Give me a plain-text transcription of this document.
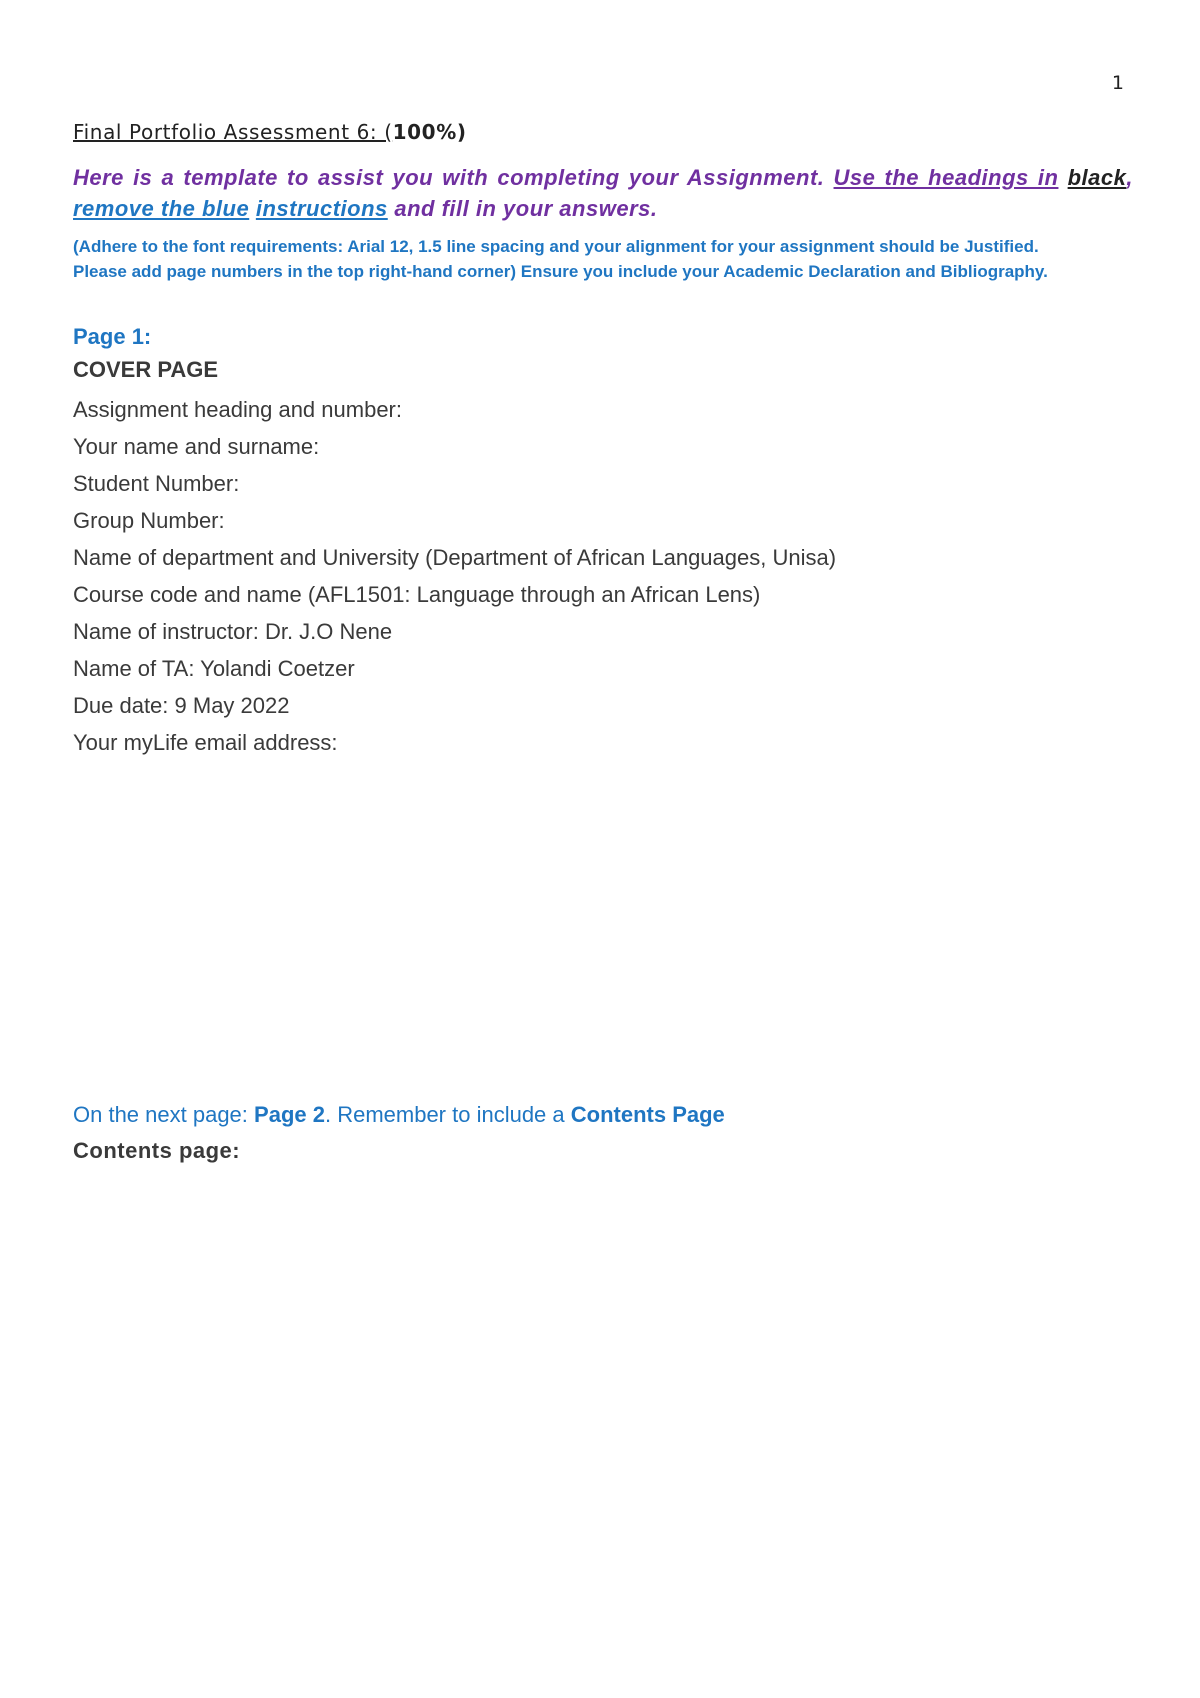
1

Final Portfolio Assessment 6: (100%)

Here is a template to assist you with completing your Assignment. Use the headings in black, remove the blue instructions and fill in your answers.

(Adhere to the font requirements: Arial 12, 1.5 line spacing and your alignment for your assignment should be Justified.
Please add page numbers in the top right-hand corner) Ensure you include your Academic Declaration and Bibliography.

Page 1:
COVER PAGE
Assignment heading and number:
Your name and surname:
Student Number:
Group Number:
Name of department and University (Department of African Languages, Unisa)
Course code and name (AFL1501: Language through an African Lens)
Name of instructor: Dr. J.O Nene
Name of TA: Yolandi Coetzer
Due date: 9 May 2022
Your myLife email address:
On the next page: Page 2. Remember to include a Contents Page
Contents page:
